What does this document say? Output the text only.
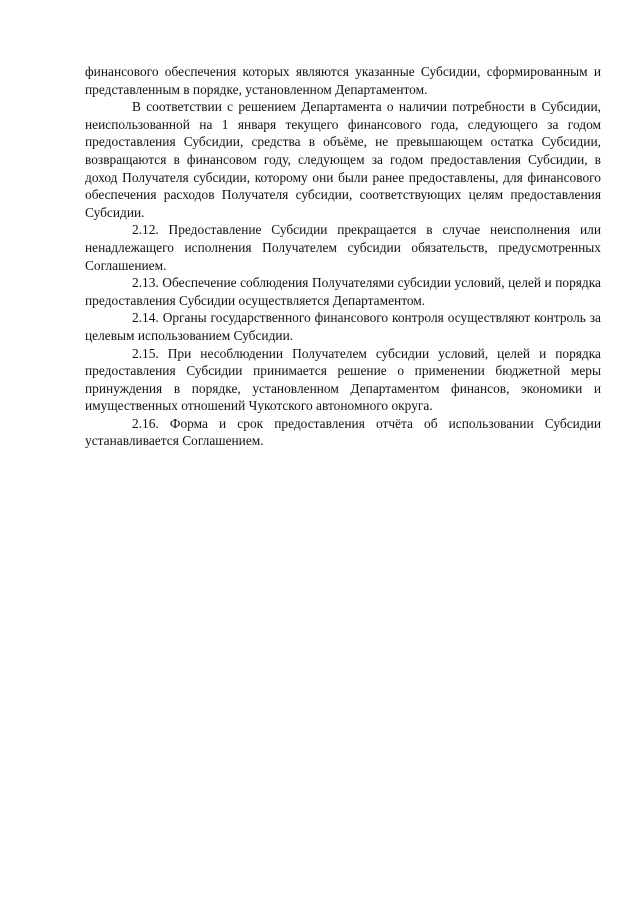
финансового обеспечения которых являются указанные Субсидии, сформированным и представленным в порядке, установленном Департаментом.

В соответствии с решением Департамента о наличии потребности в Субсидии, неиспользованной на 1 января текущего финансового года, следующего за годом предоставления Субсидии, средства в объёме, не превышающем остатка Субсидии, возвращаются в финансовом году, следующем за годом предоставления Субсидии, в доход Получателя субсидии, которому они были ранее предоставлены, для финансового обеспечения расходов Получателя субсидии, соответствующих целям предоставления Субсидии.

2.12. Предоставление Субсидии прекращается в случае неисполнения или ненадлежащего исполнения Получателем субсидии обязательств, предусмотренных Соглашением.

2.13. Обеспечение соблюдения Получателями субсидии условий, целей и порядка предоставления Субсидии осуществляется Департаментом.

2.14. Органы государственного финансового контроля осуществляют контроль за целевым использованием Субсидии.

2.15. При несоблюдении Получателем субсидии условий, целей и порядка предоставления Субсидии принимается решение о применении бюджетной меры принуждения в порядке, установленном Департаментом финансов, экономики и имущественных отношений Чукотского автономного округа.

2.16. Форма и срок предоставления отчёта об использовании Субсидии устанавливается Соглашением.
